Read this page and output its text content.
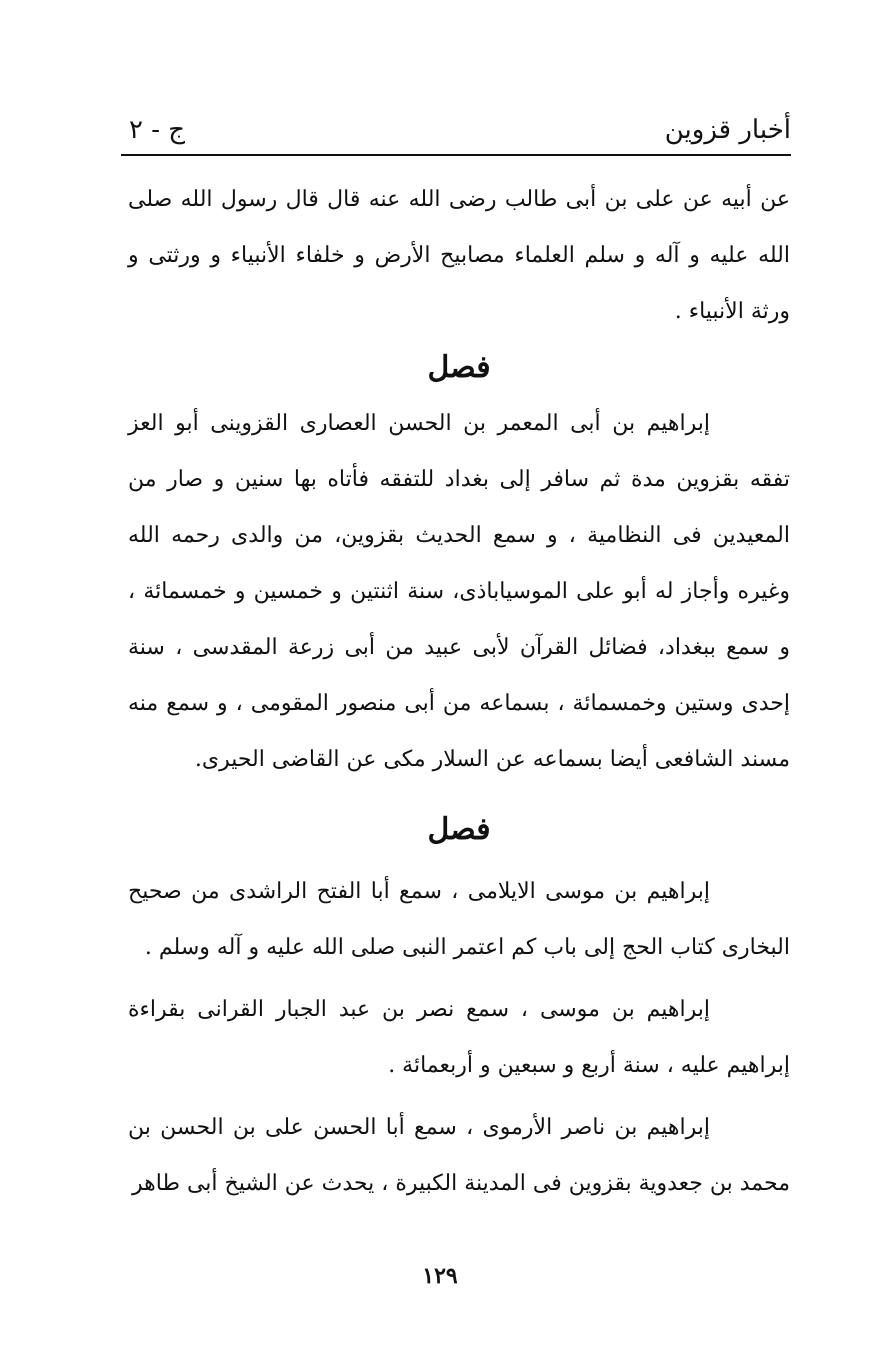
أخبار قزوين
ج - ٢

عن أبيه عن على بن أبى طالب رضى الله عنه قال قال رسول الله صلى الله عليه و آله و سلم العلماء مصابيح الأرض و خلفاء الأنبياء و ورثتى و ورثة الأنبياء .

فصل

إبراهيم بن أبى المعمر بن الحسن العصارى القزوينى أبو العز تفقه بقزوين مدة ثم سافر إلى بغداد للتفقه فأتاه بها سنين و صار من المعيدين فى النظامية ، و سمع الحديث بقزوين، من والدى رحمه الله وغيره وأجاز له أبو على الموسياباذى، سنة اثنتين و خمسين و خمسمائة ، و سمع ببغداد، فضائل القرآن لأبى عبيد من أبى زرعة المقدسى ، سنة إحدى وستين وخمسمائة ، بسماعه من أبى منصور المقومى ، و سمع منه مسند الشافعى أيضا بسماعه عن السلار مكى عن القاضى الحيرى.

فصل

إبراهيم بن موسى الايلامى ، سمع أبا الفتح الراشدى من صحيح البخارى كتاب الحج إلى باب كم اعتمر النبى صلى الله عليه و آله وسلم .

إبراهيم بن موسى ، سمع نصر بن عبد الجبار القرانى بقراءة إبراهيم عليه ، سنة أربع و سبعين و أربعمائة .

إبراهيم بن ناصر الأرموى ، سمع أبا الحسن على بن الحسن بن محمد بن جعدوية بقزوين فى المدينة الكبيرة ، يحدث عن الشيخ أبى طاهر

١٢٩
